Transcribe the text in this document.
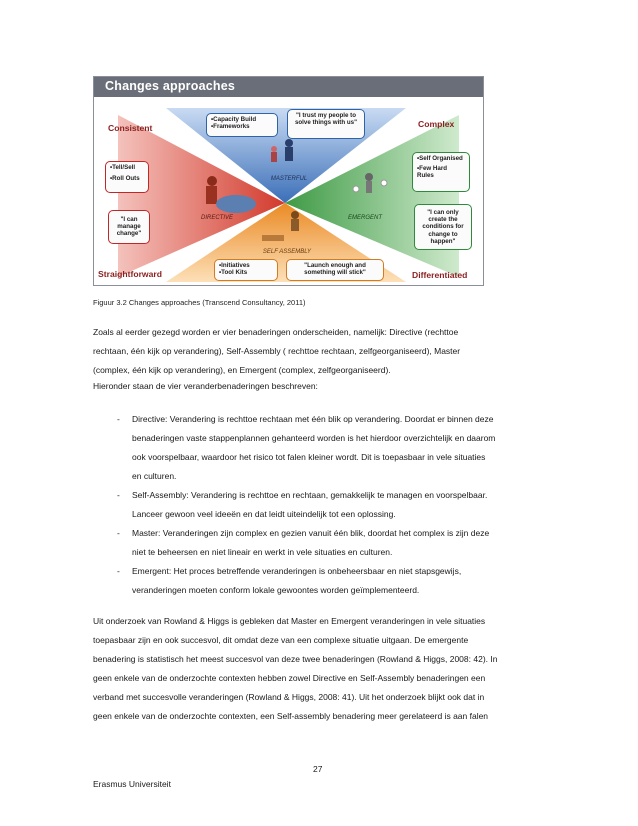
Changes approaches
MASTERFUL
DIRECTIVE	EMERGENT
SELF ASSEMBLY
Consistent	Complex
Straightforward	Differentiated
• Capacity Build
• Frameworks
"I trust my people to solve things with us"
• Tell/Sell
• Roll Outs
"I can manage change"
• Self Organised
• Few Hard Rules
"I can only create the conditions for change to happen"
• Initiatives
• Tool Kits
"Launch enough and something will stick"
Figuur 3.2 Changes approaches (Transcend Consultancy, 2011)
Zoals al eerder gezegd worden er vier benaderingen onderscheiden, namelijk: Directive (rechttoe
rechtaan, één kijk op verandering), Self-Assembly ( rechttoe rechtaan, zelfgeorganiseerd), Master
(complex, één kijk op verandering), en Emergent (complex, zelfgeorganiseerd).
Hieronder staan de vier veranderbenaderingen beschreven:
- Directive: Verandering is rechttoe rechtaan met één blik op verandering. Doordat er binnen deze
benaderingen vaste stappenplannen gehanteerd worden is het hierdoor overzichtelijk en daarom
ook voorspelbaar, waardoor het risico tot falen kleiner wordt. Dit is toepasbaar in vele situaties
en culturen.
- Self-Assembly: Verandering is rechttoe en rechtaan, gemakkelijk te managen en voorspelbaar.
Lanceer gewoon veel ideeën en dat leidt uiteindelijk tot een oplossing.
- Master: Veranderingen zijn complex en gezien vanuit één blik, doordat het complex is zijn deze
niet te beheersen en niet lineair en werkt in vele situaties en culturen.
- Emergent: Het proces betreffende veranderingen is onbeheersbaar en niet stapsgewijs,
veranderingen moeten conform lokale gewoontes worden geïmplementeerd.
Uit onderzoek van Rowland & Higgs is gebleken dat Master en Emergent veranderingen in vele situaties
toepasbaar zijn en ook succesvol, dit omdat deze van een complexe situatie uitgaan. De emergente
benadering is statistisch het meest succesvol van deze twee benaderingen (Rowland & Higgs, 2008: 42). In
geen enkele van de onderzochte contexten hebben zowel Directive en Self-Assembly benaderingen een
verband met succesvolle veranderingen (Rowland & Higgs, 2008: 41). Uit het onderzoek blijkt ook dat in
geen enkele van de onderzochte contexten, een Self-assembly benadering meer gerelateerd is aan falen
27
Erasmus Universiteit
